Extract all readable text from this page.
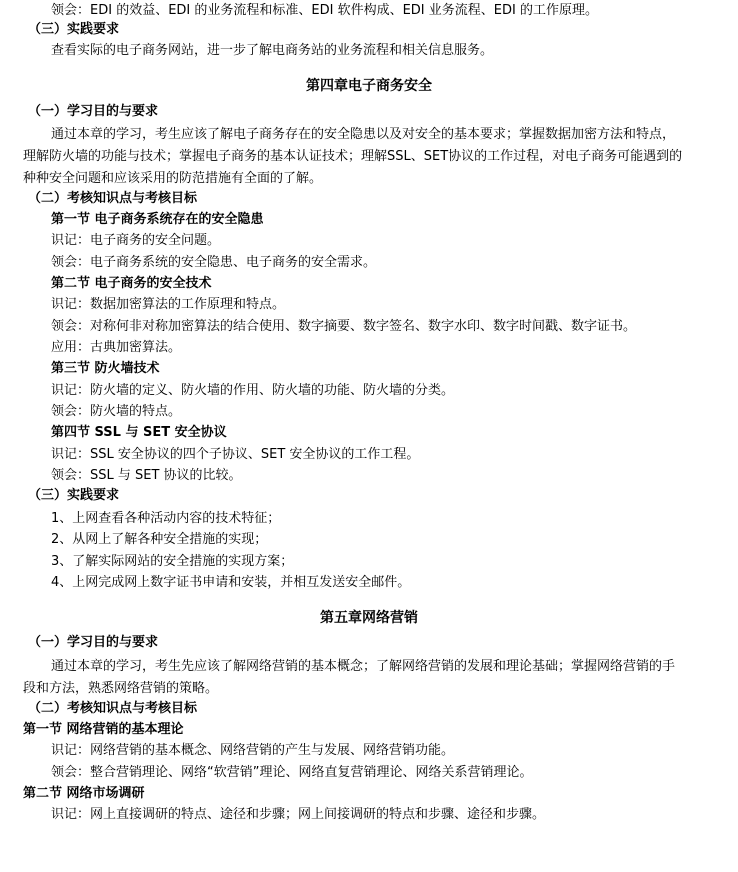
领会：EDI 的效益、EDI 的业务流程和标准、EDI 软件构成、EDI 业务流程、EDI 的工作原理。
（三）实践要求
查看实际的电子商务网站，进一步了解电商务站的业务流程和相关信息服务。
第四章电子商务安全
（一）学习目的与要求
通过本章的学习，考生应该了解电子商务存在的安全隐患以及对安全的基本要求；掌握数据加密方法和特点，
理解防火墙的功能与技术；掌握电子商务的基本认证技术；理解SSL、SET协议的工作过程，对电子商务可能遇到的
种种安全问题和应该采用的防范措施有全面的了解。
（二）考核知识点与考核目标
第一节 电子商务系统存在的安全隐患
识记：电子商务的安全问题。
领会：电子商务系统的安全隐患、电子商务的安全需求。
第二节 电子商务的安全技术
识记：数据加密算法的工作原理和特点。
领会：对称何非对称加密算法的结合使用、数字摘要、数字签名、数字水印、数字时间戳、数字证书。
应用：古典加密算法。
第三节 防火墙技术
识记：防火墙的定义、防火墙的作用、防火墙的功能、防火墙的分类。
领会：防火墙的特点。
第四节 SSL 与 SET 安全协议
识记：SSL 安全协议的四个子协议、SET 安全协议的工作工程。
领会：SSL 与 SET 协议的比较。
（三）实践要求
1、上网查看各种活动内容的技术特征；
2、从网上了解各种安全措施的实现；
3、了解实际网站的安全措施的实现方案；
4、上网完成网上数字证书申请和安装，并相互发送安全邮件。
第五章网络营销
（一）学习目的与要求
通过本章的学习，考生先应该了解网络营销的基本概念；了解网络营销的发展和理论基础；掌握网络营销的手
段和方法，熟悉网络营销的策略。
（二）考核知识点与考核目标
第一节 网络营销的基本理论
识记：网络营销的基本概念、网络营销的产生与发展、网络营销功能。
领会：整合营销理论、网络“软营销”理论、网络直复营销理论、网络关系营销理论。
第二节 网络市场调研
识记：网上直接调研的特点、途径和步骤；网上间接调研的特点和步骤、途径和步骤。
